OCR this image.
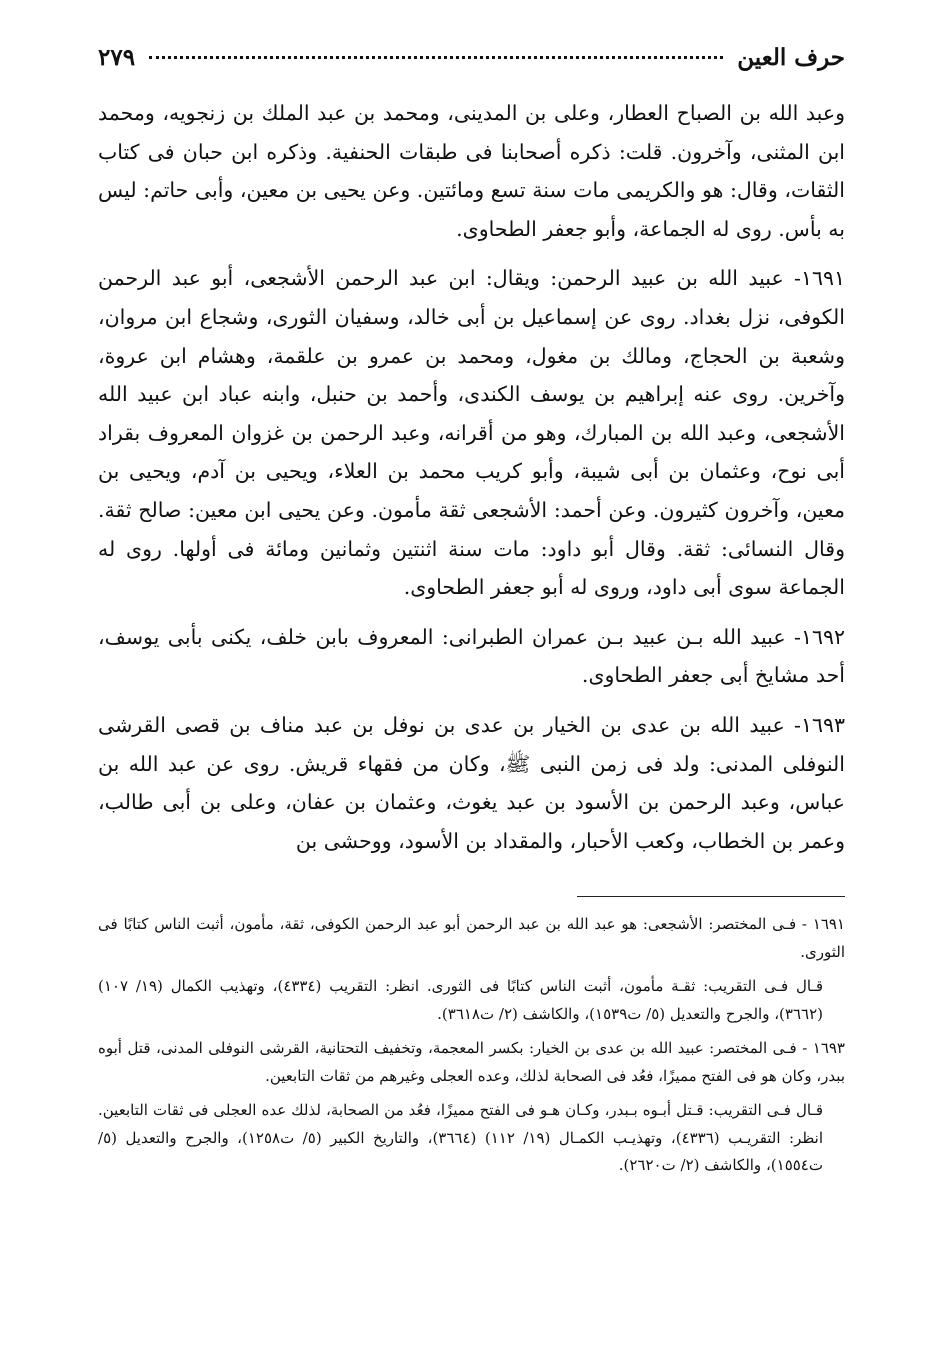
حرف العين
٢٧٩

وعبد الله بن الصباح العطار، وعلى بن المدينى، ومحمد بن عبد الملك بن زنجويه، ومحمد ابن المثنى، وآخرون. قلت: ذكره أصحابنا فى طبقات الحنفية. وذكره ابن حبان فى كتاب الثقات، وقال: هو والكريمى مات سنة تسع ومائتين. وعن يحيى بن معين، وأبى حاتم: ليس به بأس. روى له الجماعة، وأبو جعفر الطحاوى.

١٦٩١- عبيد الله بن عبيد الرحمن: ويقال: ابن عبد الرحمن الأشجعى، أبو عبد الرحمن الكوفى، نزل بغداد. روى عن إسماعيل بن أبى خالد، وسفيان الثورى، وشجاع ابن مروان، وشعبة بن الحجاج، ومالك بن مغول، ومحمد بن عمرو بن علقمة، وهشام ابن عروة، وآخرين. روى عنه إبراهيم بن يوسف الكندى، وأحمد بن حنبل، وابنه عباد ابن عبيد الله الأشجعى، وعبد الله بن المبارك، وهو من أقرانه، وعبد الرحمن بن غزوان المعروف بقراد أبى نوح، وعثمان بن أبى شيبة، وأبو كريب محمد بن العلاء، ويحيى بن آدم، ويحيى بن معين، وآخرون كثيرون. وعن أحمد: الأشجعى ثقة مأمون. وعن يحيى ابن معين: صالح ثقة. وقال النسائى: ثقة. وقال أبو داود: مات سنة اثنتين وثمانين ومائة فى أولها. روى له الجماعة سوى أبى داود، وروى له أبو جعفر الطحاوى.

١٦٩٢- عبيد الله بـن عبيد بـن عمران الطبرانى: المعروف بابن خلف، يكنى بأبى يوسف، أحد مشايخ أبى جعفر الطحاوى.

١٦٩٣- عبيد الله بن عدى بن الخيار بن عدى بن نوفل بن عبد مناف بن قصى القرشى النوفلى المدنى: ولد فى زمن النبى ﷺ، وكان من فقهاء قريش. روى عن عبد الله بن عباس، وعبد الرحمن بن الأسود بن عبد يغوث، وعثمان بن عفان، وعلى بن أبى طالب، وعمر بن الخطاب، وكعب الأحبار، والمقداد بن الأسود، ووحشى بن

١٦٩١ - فـى المختصر: الأشجعى: هو عبد الله بن عبد الرحمن أبو عبد الرحمن الكوفى، ثقة، مأمون، أثبت الناس كتابًا فى الثورى.

قـال فـى التقريب: ثقـة مأمون، أثبت الناس كتابًا فى الثورى. انظر: التقريب (٤٣٣٤)، وتهذيب الكمال (١٩/ ١٠٧) (٣٦٦٢)، والجرح والتعديل (٥/ ت١٥٣٩)، والكاشف (٢/ ت٣٦١٨).

١٦٩٣ - فـى المختصر: عبيد الله بن عدى بن الخيار: بكسر المعجمة، وتخفيف التحتانية، القرشى النوفلى المدنى، قتل أبوه ببدر، وكان هو فى الفتح مميزًا، فعُد فى الصحابة لذلك، وعده العجلى وغيرهم من ثقات التابعين.

قـال فـى التقريب: قـتل أبـوه بـبدر، وكـان هـو فى الفتح مميزًا، فعُد من الصحابة، لذلك عده العجلى فى ثقات التابعين. انظر: التقريـب (٤٣٣٦)، وتهذيـب الكمـال (١٩/ ١١٢) (٣٦٦٤)، والتاريخ الكبير (٥/ ت١٢٥٨)، والجرح والتعديل (٥/ ت١٥٥٤)، والكاشف (٢/ ت٢٦٢٠).
